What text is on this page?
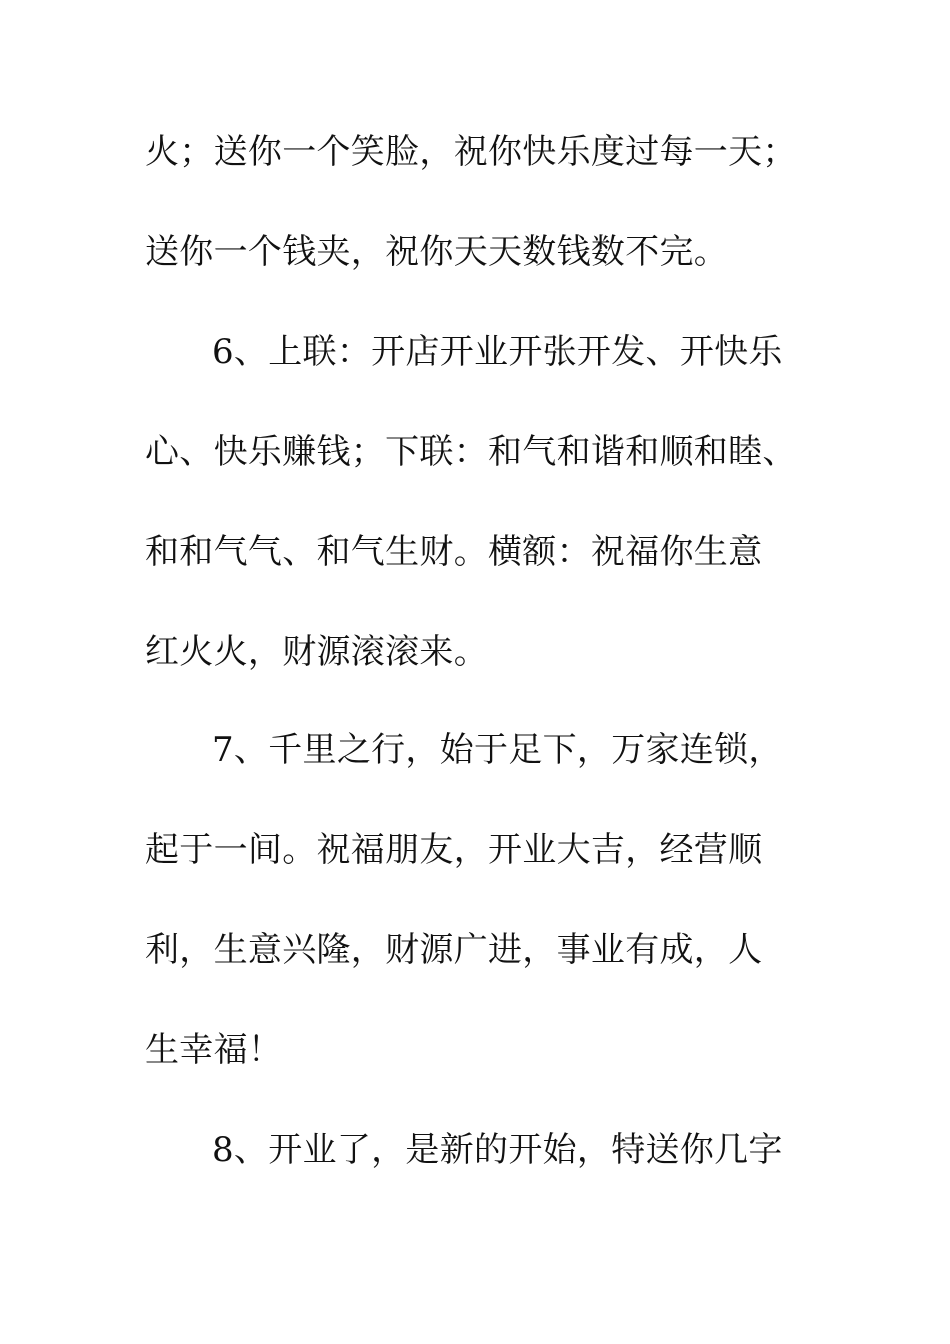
火；送你一个笑脸，祝你快乐度过每一天；
送你一个钱夹，祝你天天数钱数不完。
6、上联：开店开业开张开发、开快乐
心、快乐赚钱；下联：和气和谐和顺和睦、
和和气气、和气生财。横额：祝福你生意
红火火，财源滚滚来。
7、千里之行，始于足下，万家连锁，
起于一间。祝福朋友，开业大吉，经营顺
利，生意兴隆，财源广进，事业有成，人
生幸福！
8、开业了，是新的开始，特送你几字
